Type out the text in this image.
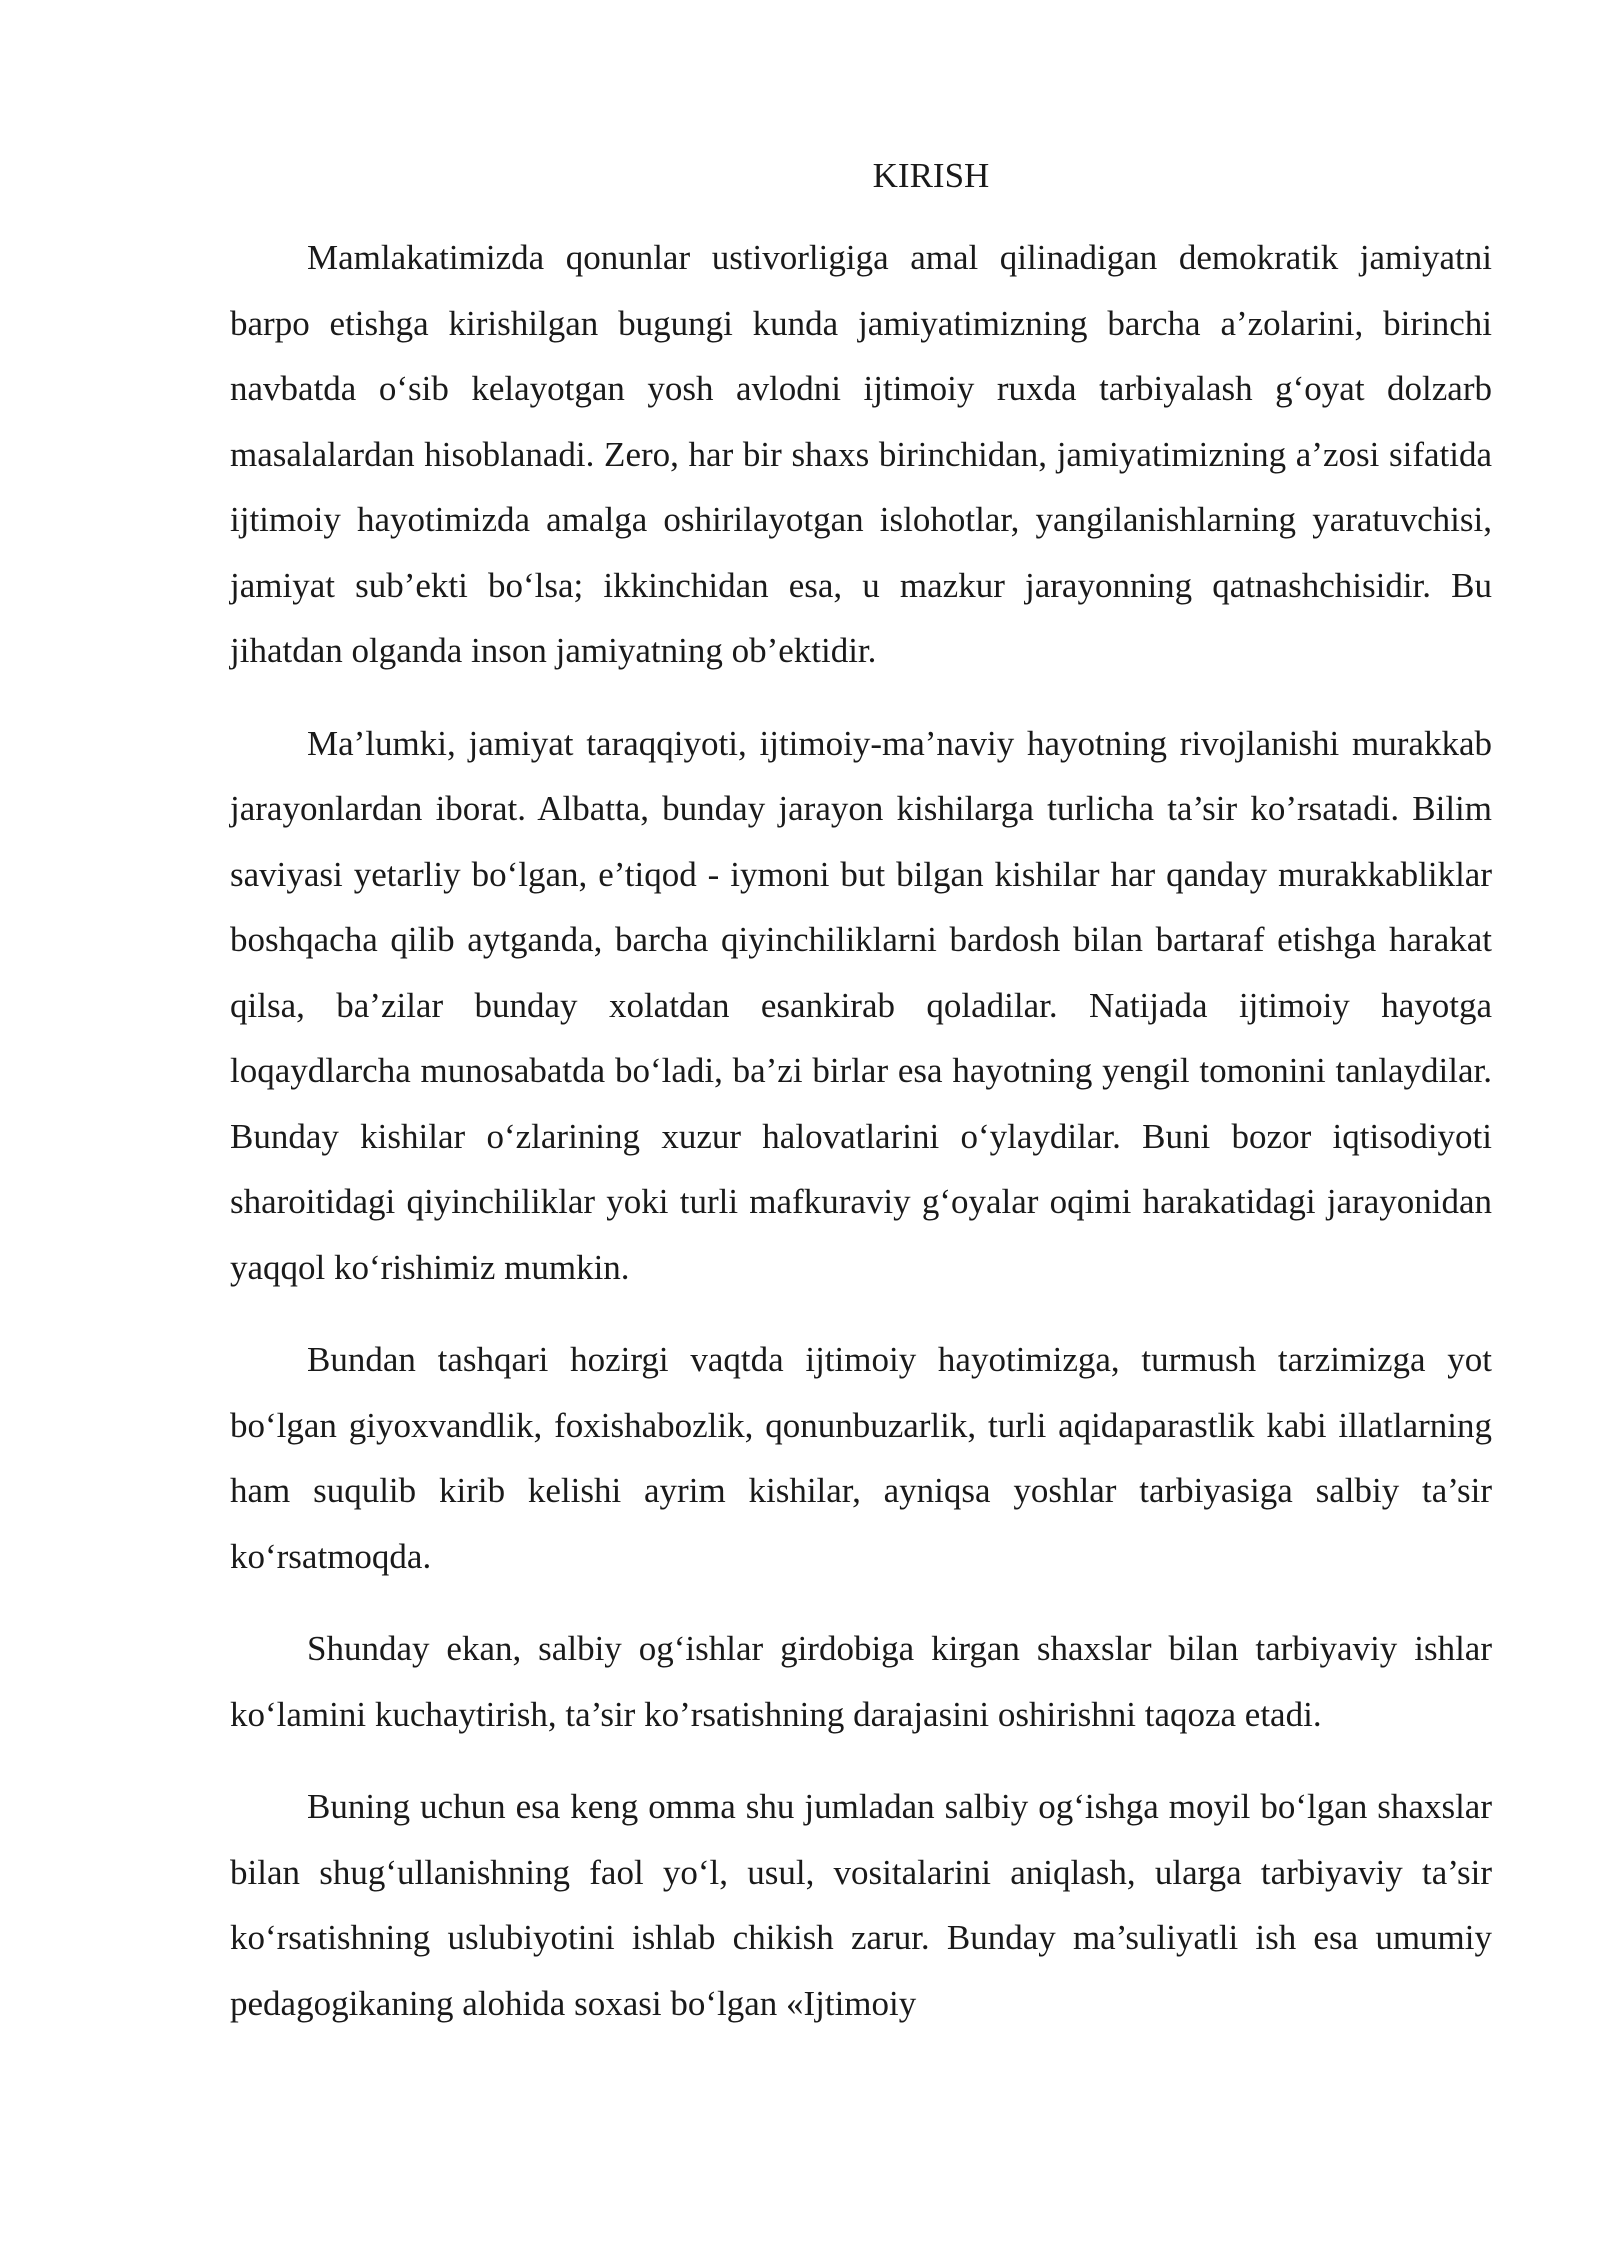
KIRISH

Mamlakatimizda qonunlar ustivorligiga amal qilinadigan demokratik jamiyatni barpo etishga kirishilgan bugungi kunda jamiyatimizning barcha a’zolarini, birinchi navbatda o‘sib kelayotgan yosh avlodni ijtimoiy ruxda tarbiyalash g‘oyat dolzarb masalalardan hisoblanadi. Zero, har bir shaxs birinchidan, jamiyatimizning a’zosi sifatida ijtimoiy hayotimizda amalga oshirilayotgan islohotlar, yangilanishlarning yaratuvchisi, jamiyat sub’ekti bo‘lsa; ikkinchidan esa, u mazkur jarayonning qatnashchisidir. Bu jihatdan olganda inson jamiyatning ob’ektidir.

Ma’lumki, jamiyat taraqqiyoti, ijtimoiy-ma’naviy hayotning rivojlanishi murakkab jarayonlardan iborat. Albatta, bunday jarayon kishilarga turlicha ta’sir ko’rsatadi. Bilim saviyasi yetarliy bo‘lgan, e’tiqod - iymoni but bilgan kishilar har qanday murakkabliklar boshqacha qilib aytganda, barcha qiyinchiliklarni bardosh bilan bartaraf etishga harakat qilsa, ba’zilar bunday xolatdan esankirab qoladilar. Natijada ijtimoiy hayotga loqaydlarcha munosabatda bo‘ladi, ba’zi birlar esa hayotning yengil tomonini tanlaydilar. Bunday kishilar o‘zlarining xuzur halovatlarini o‘ylaydilar. Buni bozor iqtisodiyoti sharoitidagi qiyinchiliklar yoki turli mafkuraviy g‘oyalar oqimi harakatidagi jarayonidan yaqqol ko‘rishimiz mumkin.

Bundan tashqari hozirgi vaqtda ijtimoiy hayotimizga, turmush tarzimizga yot bo‘lgan giyoxvandlik, foxishabozlik, qonunbuzarlik, turli aqidaparastlik kabi illatlarning ham suqulib kirib kelishi ayrim kishilar, ayniqsa yoshlar tarbiyasiga salbiy ta’sir ko‘rsatmoqda.

Shunday ekan, salbiy og‘ishlar girdobiga kirgan shaxslar bilan tarbiyaviy ishlar ko‘lamini kuchaytirish, ta’sir ko’rsatishning darajasini oshirishni taqoza etadi.

Buning uchun esa keng omma shu jumladan salbiy og‘ishga moyil bo‘lgan shaxslar bilan shug‘ullanishning faol yo‘l, usul, vositalarini aniqlash, ularga tarbiyaviy ta’sir ko‘rsatishning uslubiyotini ishlab chikish zarur. Bunday ma’suliyatli ish esa umumiy pedagogikaning alohida soxasi bo‘lgan «Ijtimoiy
